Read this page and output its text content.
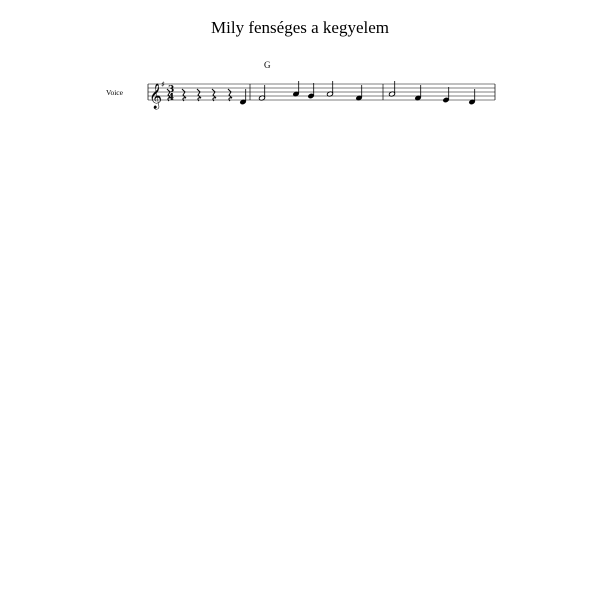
Mily fenséges a kegyelem
G
𝄞
♯
3
4
Voice
